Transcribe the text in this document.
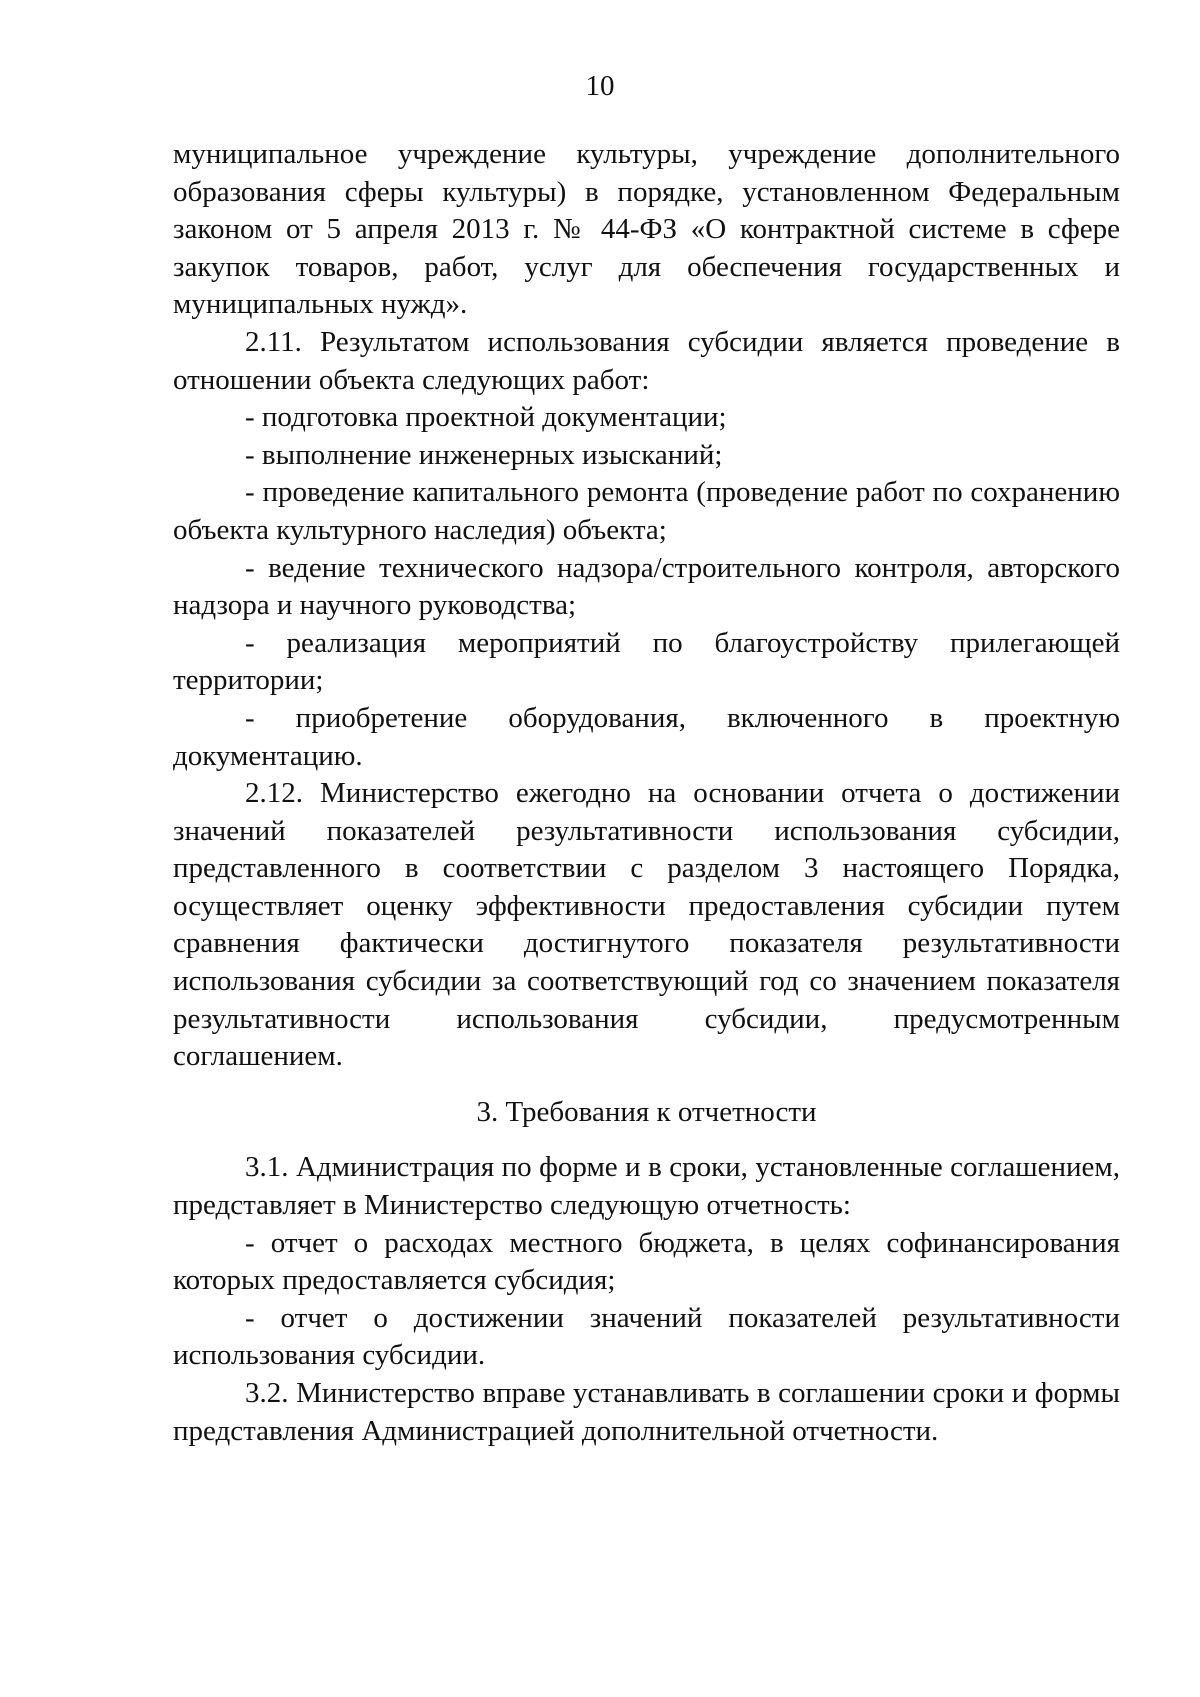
10

муниципальное учреждение культуры, учреждение дополнительного образования сферы культуры) в порядке, установленном Федеральным законом от 5 апреля 2013 г. № 44-ФЗ «О контрактной системе в сфере закупок товаров, работ, услуг для обеспечения государственных и муниципальных нужд».

2.11. Результатом использования субсидии является проведение в отношении объекта следующих работ:

- подготовка проектной документации;

- выполнение инженерных изысканий;

- проведение капитального ремонта (проведение работ по сохранению объекта культурного наследия) объекта;

- ведение технического надзора/строительного контроля, авторского надзора и научного руководства;

- реализация мероприятий по благоустройству прилегающей территории;

- приобретение оборудования, включенного в проектную документацию.

2.12. Министерство ежегодно на основании отчета о достижении значений показателей результативности использования субсидии, представленного в соответствии с разделом 3 настоящего Порядка, осуществляет оценку эффективности предоставления субсидии путем сравнения фактически достигнутого показателя результативности использования субсидии за соответствующий год со значением показателя результативности использования субсидии, предусмотренным соглашением.

3. Требования к отчетности

3.1. Администрация по форме и в сроки, установленные соглашением, представляет в Министерство следующую отчетность:

- отчет о расходах местного бюджета, в целях софинансирования которых предоставляется субсидия;

- отчет о достижении значений показателей результативности использования субсидии.

3.2. Министерство вправе устанавливать в соглашении сроки и формы представления Администрацией дополнительной отчетности.
